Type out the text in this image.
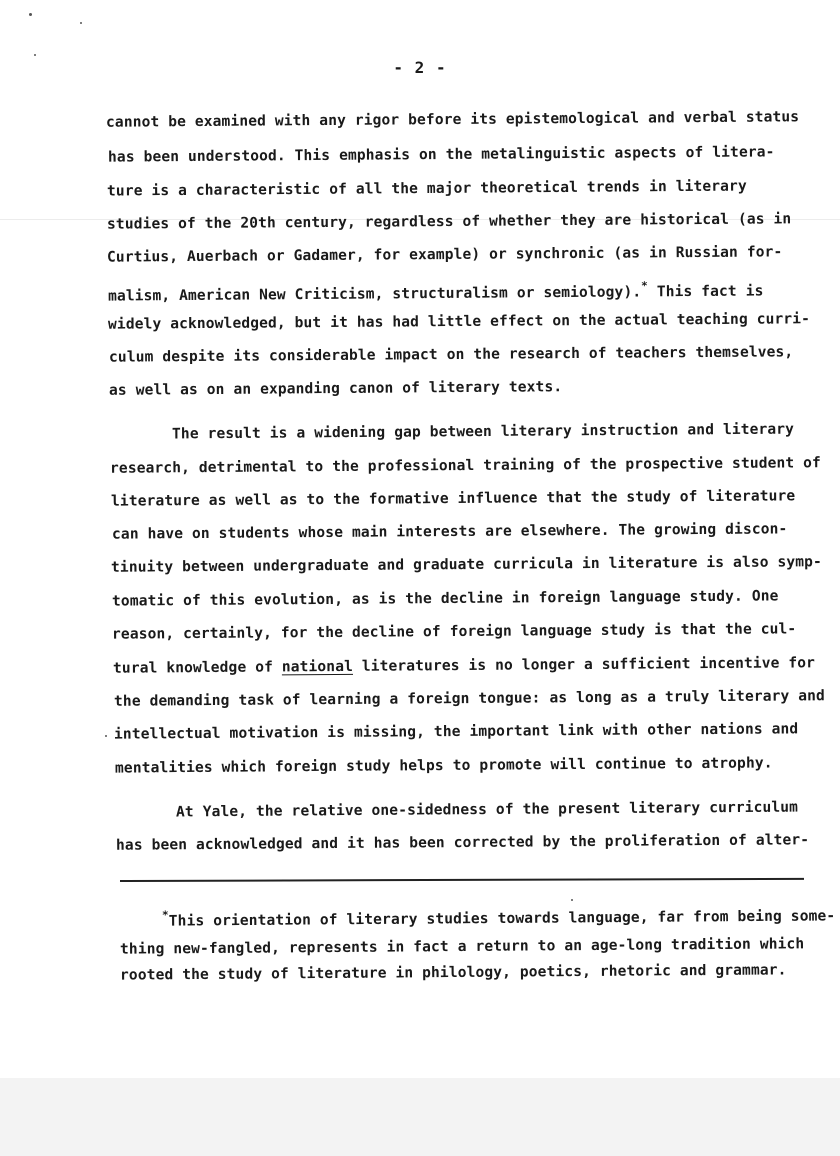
- 2 -
cannot be examined with any rigor before its epistemological and verbal status
has been understood. This emphasis on the metalinguistic aspects of litera-
ture is a characteristic of all the major theoretical trends in literary
studies of the 20th century, regardless of whether they are historical (as in
Curtius, Auerbach or Gadamer, for example) or synchronic (as in Russian for-
malism, American New Criticism, structuralism or semiology).* This fact is
widely acknowledged, but it has had little effect on the actual teaching curri-
culum despite its considerable impact on the research of teachers themselves,
as well as on an expanding canon of literary texts.
The result is a widening gap between literary instruction and literary
research, detrimental to the professional training of the prospective student of
literature as well as to the formative influence that the study of literature
can have on students whose main interests are elsewhere. The growing discon-
tinuity between undergraduate and graduate curricula in literature is also symp-
tomatic of this evolution, as is the decline in foreign language study. One
reason, certainly, for the decline of foreign language study is that the cul-
tural knowledge of national literatures is no longer a sufficient incentive for
the demanding task of learning a foreign tongue: as long as a truly literary and
intellectual motivation is missing, the important link with other nations and
mentalities which foreign study helps to promote will continue to atrophy.
At Yale, the relative one-sidedness of the present literary curriculum
has been acknowledged and it has been corrected by the proliferation of alter-
*This orientation of literary studies towards language, far from being some-
thing new-fangled, represents in fact a return to an age-long tradition which
rooted the study of literature in philology, poetics, rhetoric and grammar.
